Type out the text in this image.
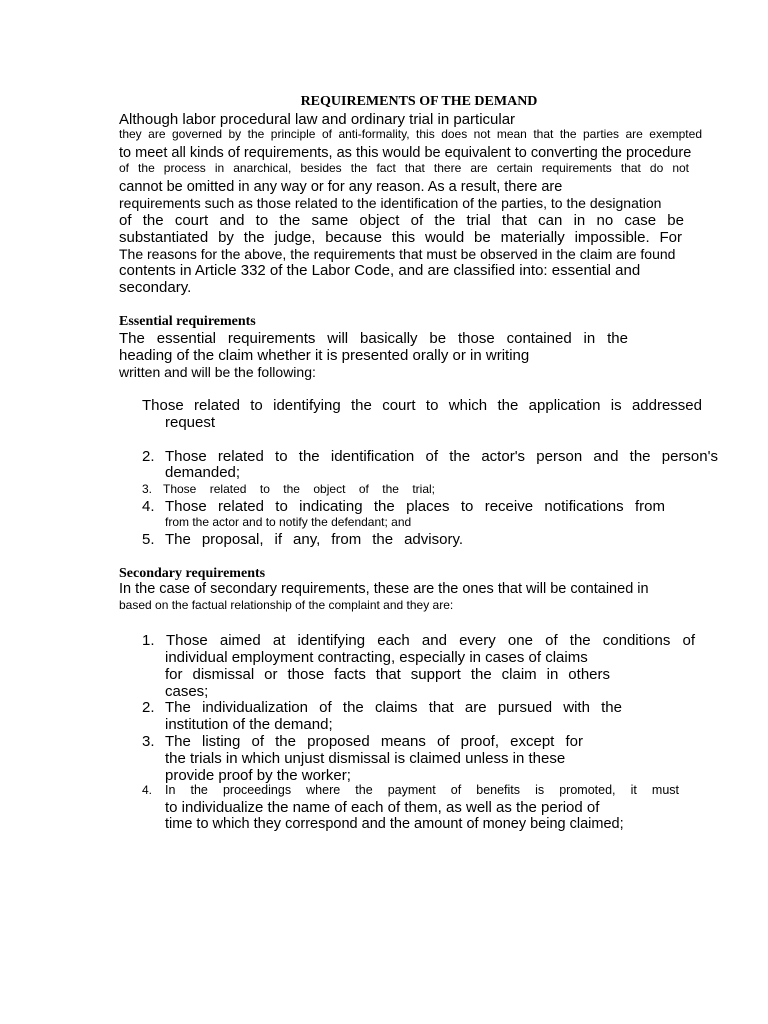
REQUIREMENTS OF THE DEMAND
Although labor procedural law and ordinary trial in particular
they are governed by the principle of anti-formality, this does not mean that the parties are exempted
to meet all kinds of requirements, as this would be equivalent to converting the procedure
of the process in anarchical, besides the fact that there are certain requirements that do not
cannot be omitted in any way or for any reason. As a result, there are
requirements such as those related to the identification of the parties, to the designation
of the court and to the same object of the trial that can in no case be
substantiated by the judge, because this would be materially impossible. For
The reasons for the above, the requirements that must be observed in the claim are found
contents in Article 332 of the Labor Code, and are classified into: essential and
secondary.
Essential requirements
The essential requirements will basically be those contained in the
heading of the claim whether it is presented orally or in writing
written and will be the following:
Those related to identifying the court to which the application is addressed
request
2. Those related to the identification of the actor's person and the person's
demanded;
3. Those related to the object of the trial;
4. Those related to indicating the places to receive notifications from
from the actor and to notify the defendant; and
5. The proposal, if any, from the advisory.
Secondary requirements
In the case of secondary requirements, these are the ones that will be contained in
based on the factual relationship of the complaint and they are:
1. Those aimed at identifying each and every one of the conditions of
individual employment contracting, especially in cases of claims
for dismissal or those facts that support the claim in others
cases;
2. The individualization of the claims that are pursued with the
institution of the demand;
3. The listing of the proposed means of proof, except for
the trials in which unjust dismissal is claimed unless in these
provide proof by the worker;
4. In the proceedings where the payment of benefits is promoted, it must
to individualize the name of each of them, as well as the period of
time to which they correspond and the amount of money being claimed;
